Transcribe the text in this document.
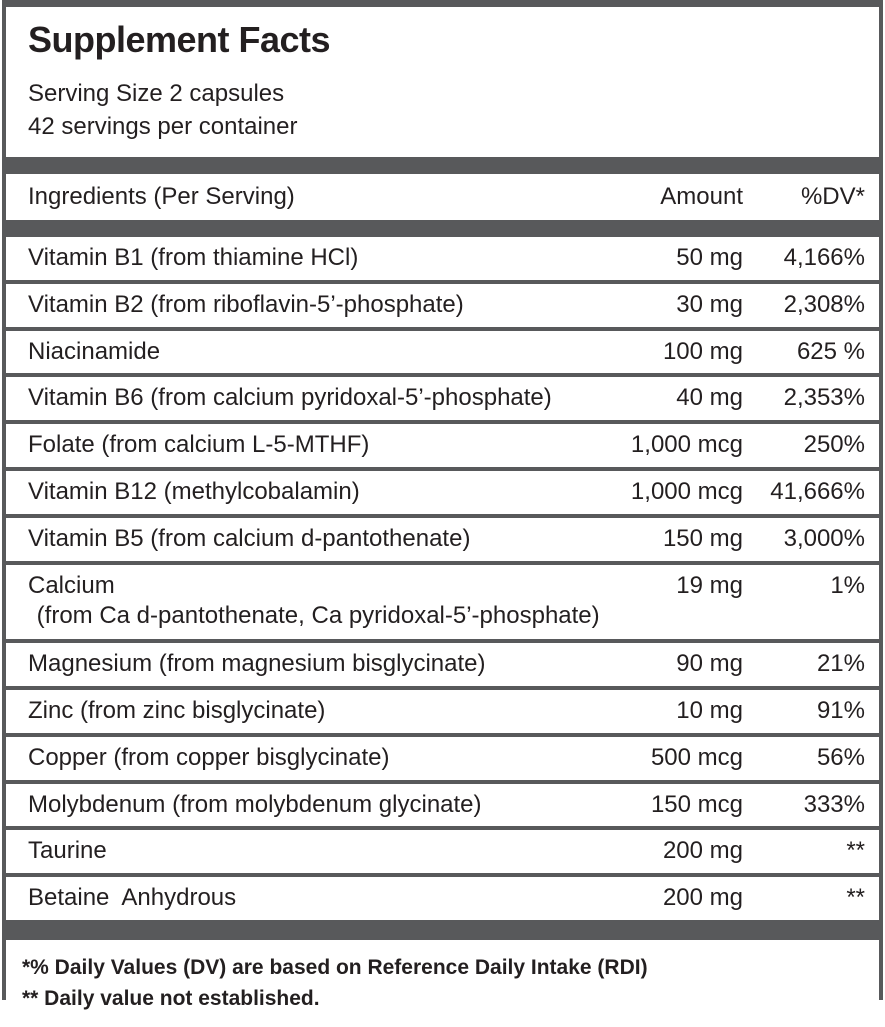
Supplement Facts
Serving Size 2 capsules
42 servings per container
Ingredients (Per Serving)	Amount	%DV*
Vitamin B1 (from thiamine HCl)	50 mg	4,166%
Vitamin B2 (from riboflavin-5’-phosphate)	30 mg	2,308%
Niacinamide	100 mg	625 %
Vitamin B6 (from calcium pyridoxal-5’-phosphate)	40 mg	2,353%
Folate (from calcium L-5-MTHF)	1,000 mcg	250%
Vitamin B12 (methylcobalamin)	1,000 mcg	41,666%
Vitamin B5 (from calcium d-pantothenate)	150 mg	3,000%
Calcium	19 mg	1%
(from Ca d-pantothenate, Ca pyridoxal-5’-phosphate)
Magnesium (from magnesium bisglycinate)	90 mg	21%
Zinc (from zinc bisglycinate)	10 mg	91%
Copper (from copper bisglycinate)	500 mcg	56%
Molybdenum (from molybdenum glycinate)	150 mcg	333%
Taurine	200 mg	**
Betaine  Anhydrous	200 mg	**
*% Daily Values (DV) are based on Reference Daily Intake (RDI)
** Daily value not established.
